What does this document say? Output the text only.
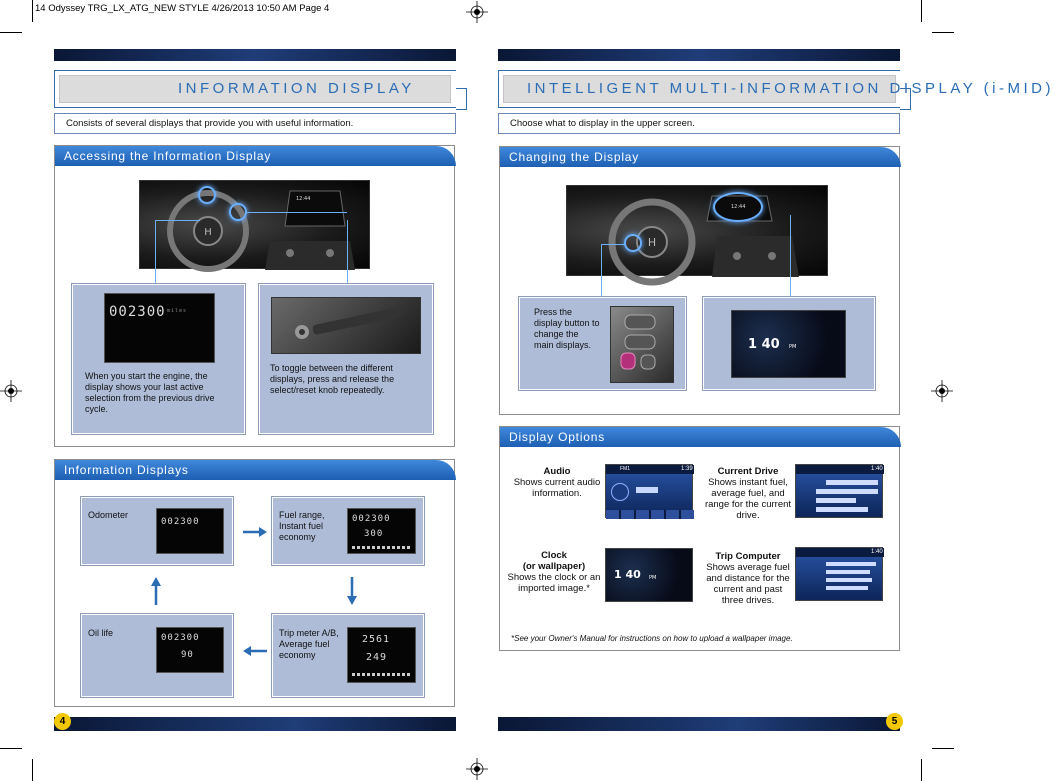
14 Odyssey TRG_LX_ATG_NEW STYLE 4/26/2013 10:50 AM Page 4
INFORMATION DISPLAY
Consists of several displays that provide you with useful information.
Accessing the Information Display
H
12:44
002300 miles
When you start the engine, the display shows your last active selection from the previous drive cycle.
To toggle between the different displays, press and release the select/reset knob repeatedly.
Information Displays
Odometer
002300
Fuel range, Instant fuel economy
002300
300
Oil life	002300
90
Trip meter A/B, Average fuel economy
2561
249
4
INTELLIGENT MULTI-INFORMATION DISPLAY (i-MID)
Choose what to display in the upper screen.
Changing the Display
H
12:44
Press the display button to change the main displays.	1 40 PM
Display Options
Audio
Shows current audio information.
FM1	1:39	Current Drive
Shows instant fuel, average fuel, and range for the current drive.
1:40
Clock
(or wallpaper)
Shows the clock or an imported image.*
1 40 PM
Trip Computer
Shows average fuel and distance for the current and past three drives.
1:40
*See your Owner's Manual for instructions on how to upload a wallpaper image.
5
